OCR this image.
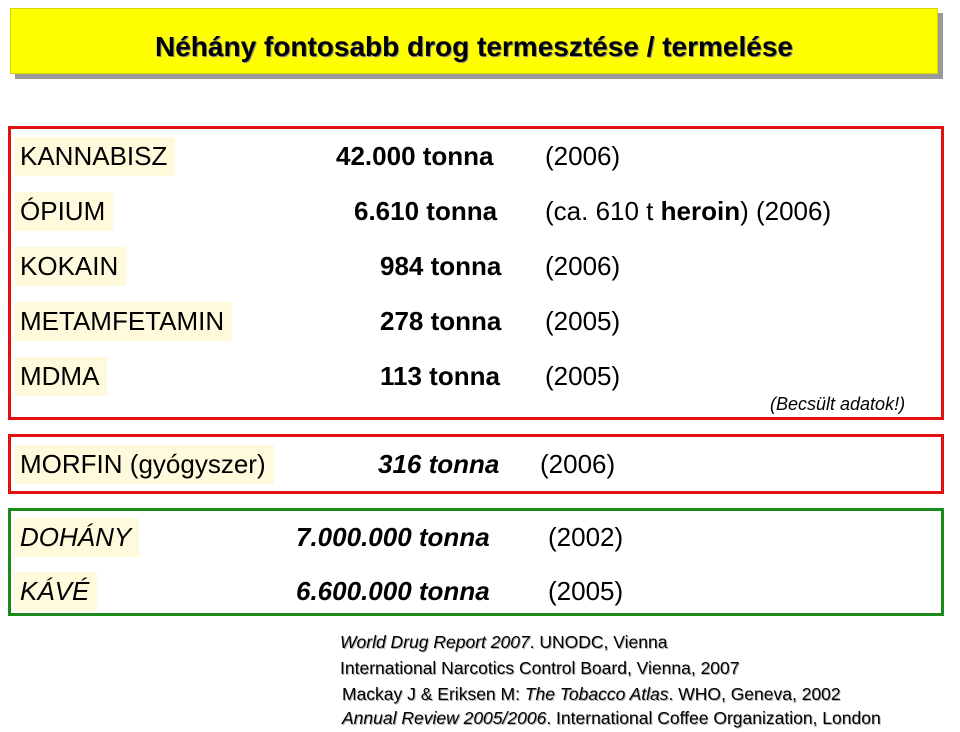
Néhány fontosabb drog termesztése / termelése
KANNABISZ	42.000 tonna (2006)
ÓPIUM	6.610 tonna (ca. 610 t heroin) (2006)
KOKAIN	984 tonna (2006)
METAMFETAMIN	278 tonna (2005)
MDMA	113 tonna (2005)
(Becsült adatok!)
MORFIN (gyógyszer)	316 tonna (2006)
DOHÁNY	7.000.000 tonna (2002)
KÁVÉ	6.600.000 tonna (2005)
World Drug Report 2007. UNODC, Vienna
International Narcotics Control Board, Vienna, 2007
Mackay J & Eriksen M: The Tobacco Atlas. WHO, Geneva, 2002
Annual Review 2005/2006. International Coffee Organization, London
